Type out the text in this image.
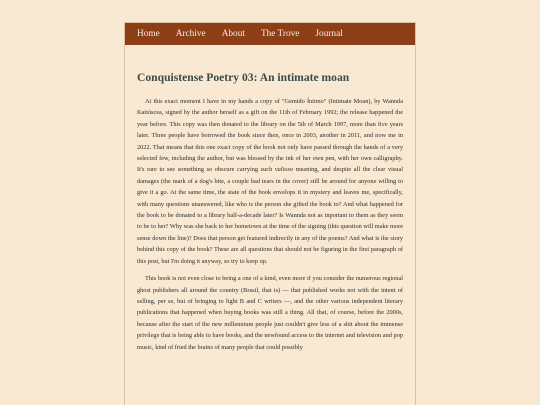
Home Archive About The Trove Journal
Conquistense Poetry 03: An intimate moan

At this exact moment I have in my hands a copy of "Gemido Íntimo" (Intimate Moan), by Wannda Katiúscea, signed by the author herself as a gift on the 11th of February 1992; the release happened the year before. This copy was then donated to the library on the 5th of March 1997, more than five years later. Three people have borrowed the book since then, once in 2003, another in 2011, and now me in 2022. That means that this one exact copy of the book not only have passed through the hands of a very selected few, including the author, but was blessed by the ink of her own pen, with her own calligraphy. It's rare to see something so obscure carrying such valioso meaning, and despite all the clear visual damages (the mark of a dog's bite, a couple bad tears in the cover) still be around for anyone willing to give it a go. At the same time, the state of the book envelops it in mystery and leaves me, specifically, with many questions unanswered, like who is the person she gifted the book to? And what happened for the book to be donated to a library half-a-decade later? Is Wannda not as inportant to them as they seem to be to her? Why was she back to her hometown at the time of the signing (this question will make more sense down the line)? Does that person get featured indirectly in any of the poems? And what is the story behind this copy of the book? These are all questions that should not be figuring in the first paragraph of this post, but I'm doing it anyway, so try to keep up.

This book is not even close to being a one of a kind, even more if you consider the numerous regional ghost publishers all around the country (Brasil, that is) — that published works not with the intent of selling, per se, but of bringing to light B and C writers —, and the other various independent literary publications that happened when buying books was still a thing. All that, of course, before the 2000s, because after the start of the new millennium people just couldn't give less of a shit about the immense privilege that is being able to have books, and the newfound access to the internet and television and pop music, kind of fried the brains of many people that could possibly
